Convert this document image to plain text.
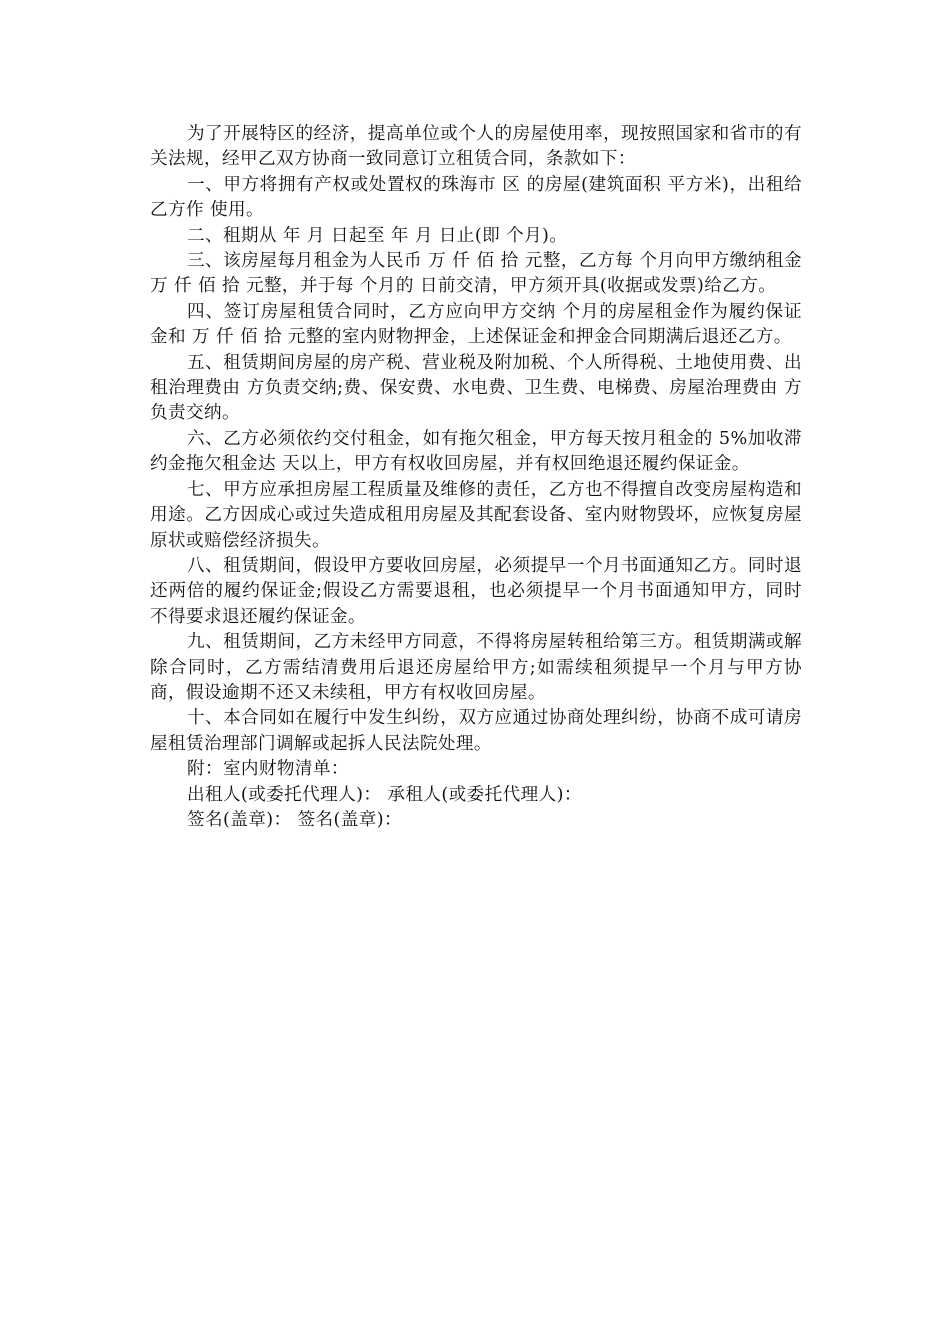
为了开展特区的经济，提高单位或个人的房屋使用率，现按照国家和省市的有关法规，经甲乙双方协商一致同意订立租赁合同，条款如下：

一、甲方将拥有产权或处置权的珠海市 区 的房屋(建筑面积 平方米)，出租给乙方作 使用。

二、租期从 年 月 日起至 年 月 日止(即 个月)。

三、该房屋每月租金为人民币 万 仟 佰 拾 元整，乙方每 个月向甲方缴纳租金 万 仟 佰 拾 元整，并于每 个月的 日前交清，甲方须开具(收据或发票)给乙方。

四、签订房屋租赁合同时，乙方应向甲方交纳 个月的房屋租金作为履约保证金和 万 仟 佰 拾 元整的室内财物押金，上述保证金和押金合同期满后退还乙方。

五、租赁期间房屋的房产税、营业税及附加税、个人所得税、土地使用费、出租治理费由 方负责交纳;费、保安费、水电费、卫生费、电梯费、房屋治理费由 方负责交纳。

六、乙方必须依约交付租金，如有拖欠租金，甲方每天按月租金的 5%加收滞约金拖欠租金达 天以上，甲方有权收回房屋，并有权回绝退还履约保证金。

七、甲方应承担房屋工程质量及维修的责任，乙方也不得擅自改变房屋构造和用途。乙方因成心或过失造成租用房屋及其配套设备、室内财物毁坏，应恢复房屋原状或赔偿经济损失。

八、租赁期间，假设甲方要收回房屋，必须提早一个月书面通知乙方。同时退还两倍的履约保证金;假设乙方需要退租，也必须提早一个月书面通知甲方，同时不得要求退还履约保证金。

九、租赁期间，乙方未经甲方同意，不得将房屋转租给第三方。租赁期满或解除合同时，乙方需结清费用后退还房屋给甲方;如需续租须提早一个月与甲方协商，假设逾期不还又未续租，甲方有权收回房屋。

十、本合同如在履行中发生纠纷，双方应通过协商处理纠纷，协商不成可请房屋租赁治理部门调解或起拆人民法院处理。

附：室内财物清单：

出租人(或委托代理人)： 承租人(或委托代理人)：

签名(盖章)： 签名(盖章)：
